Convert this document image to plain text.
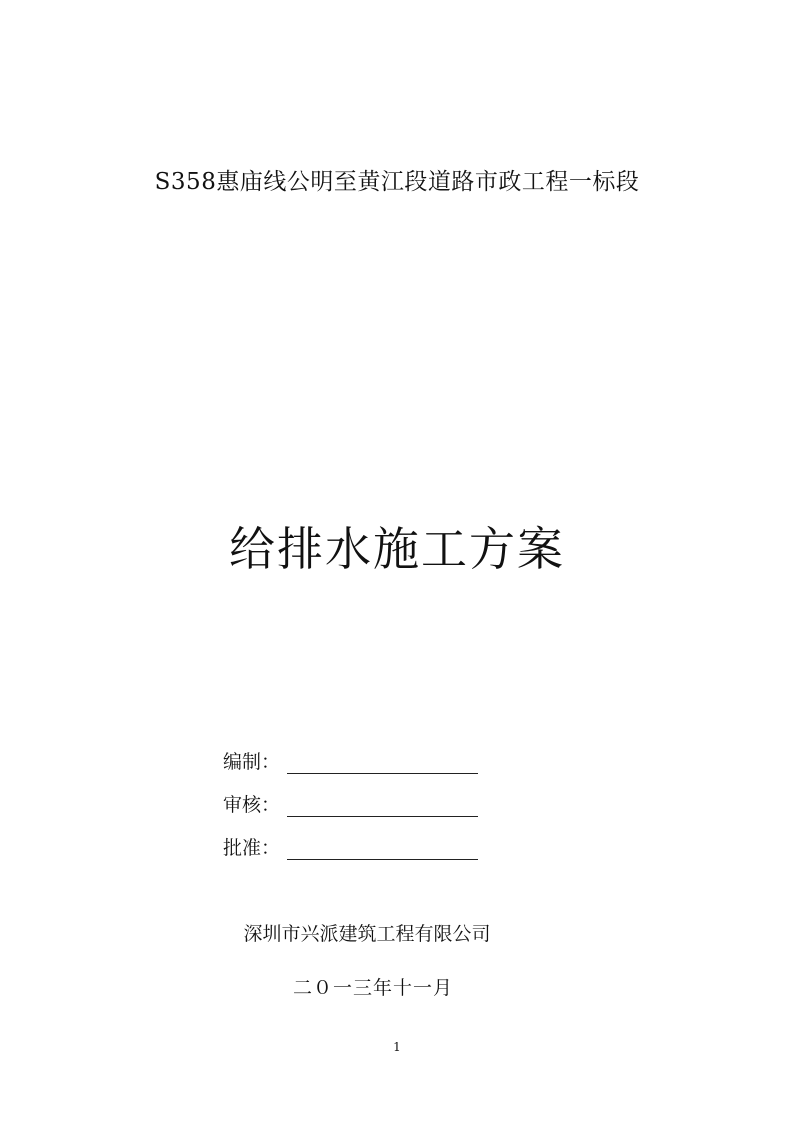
S358惠庙线公明至黄江段道路市政工程一标段
给排水施工方案
编制：
审核：
批准：
深圳市兴派建筑工程有限公司
二０一三年十一月
1
